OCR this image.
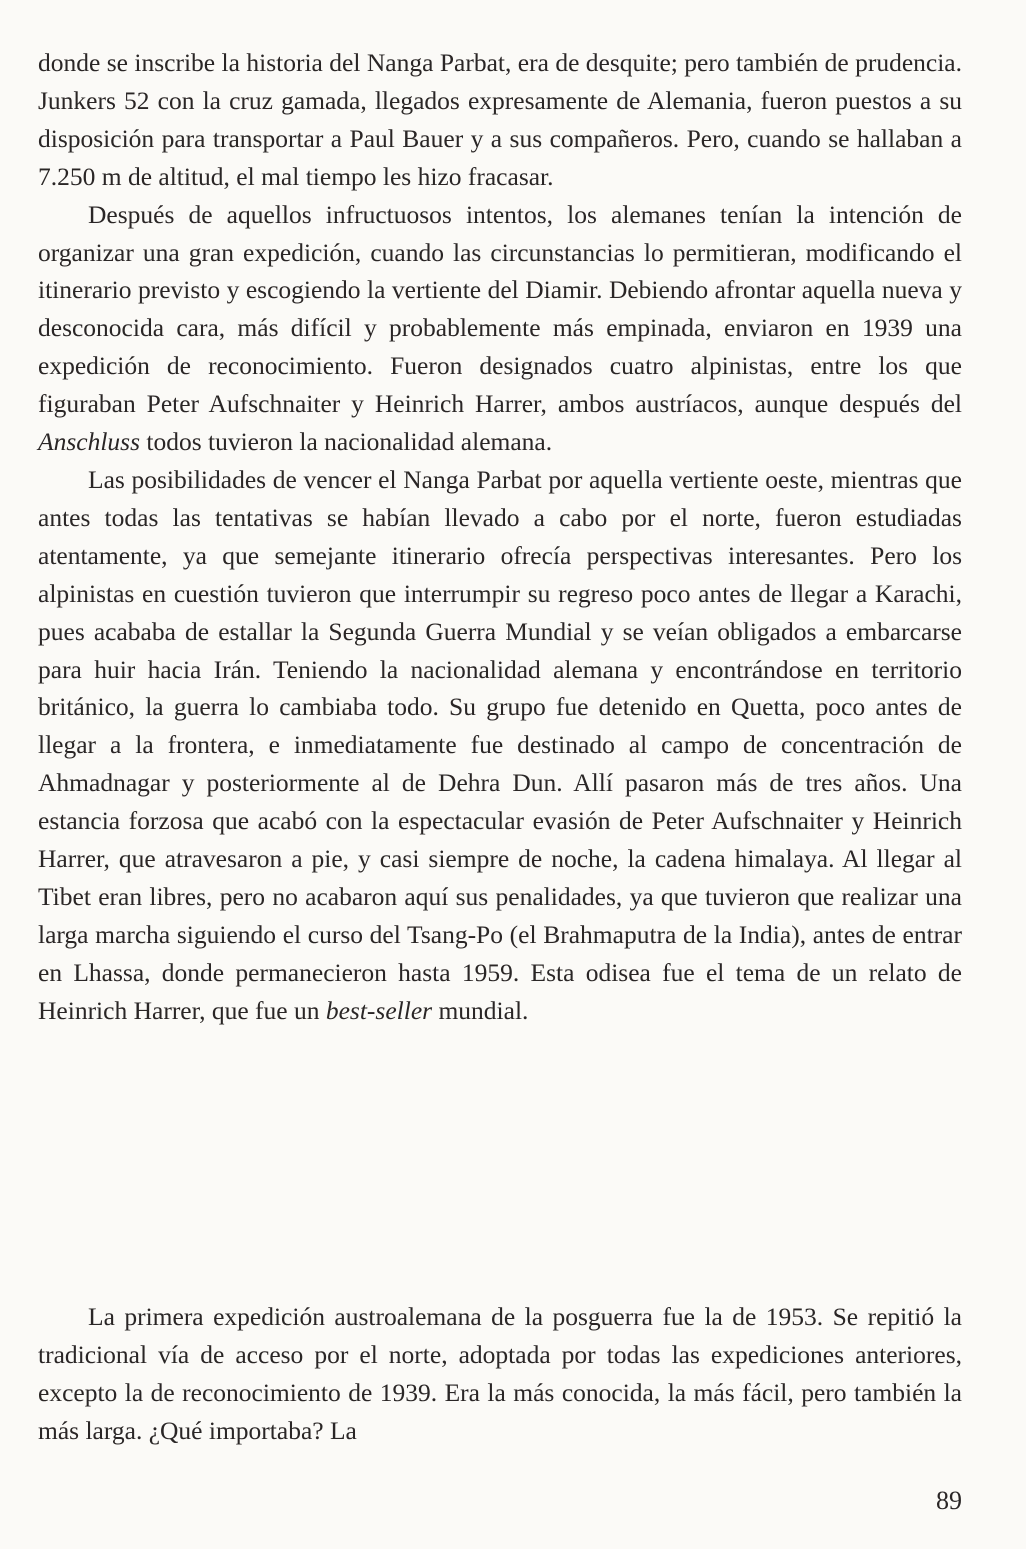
donde se inscribe la historia del Nanga Parbat, era de desquite; pero también de prudencia. Junkers 52 con la cruz gamada, llegados expresamente de Alemania, fueron puestos a su disposición para transportar a Paul Bauer y a sus compañeros. Pero, cuando se hallaban a 7.250 m de altitud, el mal tiempo les hizo fracasar.

Después de aquellos infructuosos intentos, los alemanes tenían la intención de organizar una gran expedición, cuando las circunstancias lo permitieran, modificando el itinerario previsto y escogiendo la vertiente del Diamir. Debiendo afrontar aquella nueva y desconocida cara, más difícil y probablemente más empinada, enviaron en 1939 una expedición de reconocimiento. Fueron designados cuatro alpinistas, entre los que figuraban Peter Aufschnaiter y Heinrich Harrer, ambos austríacos, aunque después del Anschluss todos tuvieron la nacionalidad alemana.

Las posibilidades de vencer el Nanga Parbat por aquella vertiente oeste, mientras que antes todas las tentativas se habían llevado a cabo por el norte, fueron estudiadas atentamente, ya que semejante itinerario ofrecía perspectivas interesantes. Pero los alpinistas en cuestión tuvieron que interrumpir su regreso poco antes de llegar a Karachi, pues acababa de estallar la Segunda Guerra Mundial y se veían obligados a embarcarse para huir hacia Irán. Teniendo la nacionalidad alemana y encontrándose en territorio británico, la guerra lo cambiaba todo. Su grupo fue detenido en Quetta, poco antes de llegar a la frontera, e inmediatamente fue destinado al campo de concentración de Ahmadnagar y posteriormente al de Dehra Dun. Allí pasaron más de tres años. Una estancia forzosa que acabó con la espectacular evasión de Peter Aufschnaiter y Heinrich Harrer, que atravesaron a pie, y casi siempre de noche, la cadena himalaya. Al llegar al Tibet eran libres, pero no acabaron aquí sus penalidades, ya que tuvieron que realizar una larga marcha siguiendo el curso del Tsang-Po (el Brahmaputra de la India), antes de entrar en Lhassa, donde permanecieron hasta 1959. Esta odisea fue el tema de un relato de Heinrich Harrer, que fue un best-seller mundial.

La primera expedición austroalemana de la posguerra fue la de 1953. Se repitió la tradicional vía de acceso por el norte, adoptada por todas las expediciones anteriores, excepto la de reconocimiento de 1939. Era la más conocida, la más fácil, pero también la más larga. ¿Qué importaba? La

89
